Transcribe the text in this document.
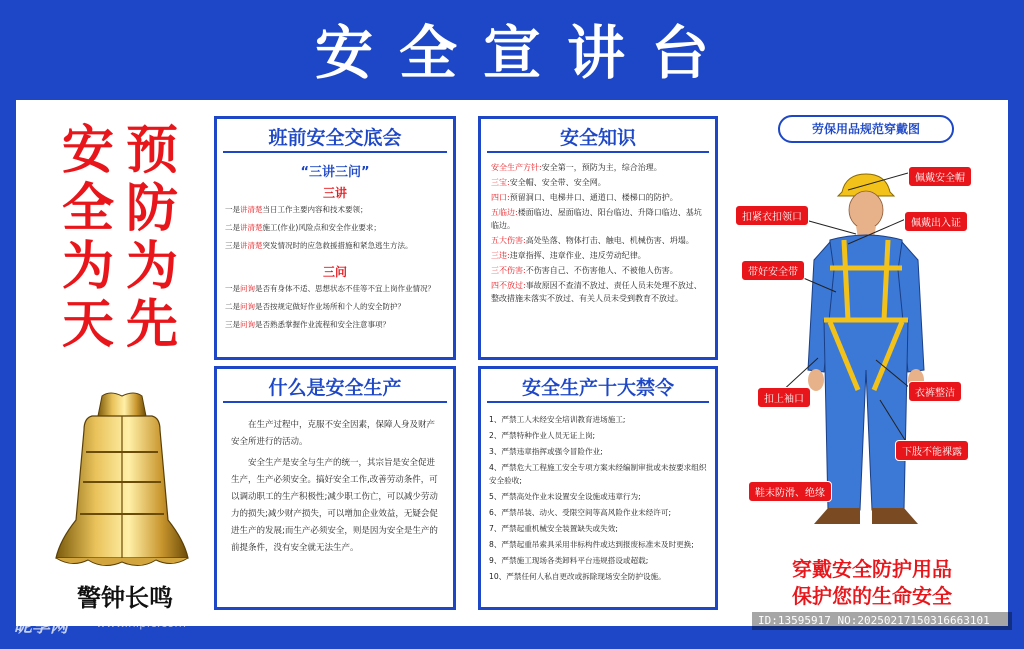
安全宣讲台
安
全
为
天
预
防
为
先
警钟长鸣
班前安全交底会
“三讲三问”
三讲
一是讲清楚当日工作主要内容和技术要领；
二是讲清楚施工(作业)风险点和安全作业要求；
三是讲清楚突发情况时的应急救援措施和紧急逃生方法。
三问
一是问询是否有身体不适、思想状态不佳等不宜上岗作业情况？
二是问询是否按规定做好作业场所和个人的安全防护？
三是问询是否熟悉掌握作业流程和安全注意事项？
安全知识
安全生产方针:安全第一，预防为主，综合治理。
三宝:安全帽、安全带、安全网。
四口:预留洞口、电梯井口、通道口、楼梯口的防护。
五临边:楼面临边、屋面临边、阳台临边、升降口临边、基坑临边。
五大伤害:高处坠落、物体打击、触电、机械伤害、坍塌。
三违:违章指挥、违章作业、违反劳动纪律。
三不伤害:不伤害自己、不伤害他人、不被他人伤害。
四不放过:事故原因不查清不放过、责任人员未处理不放过、整改措施未落实不放过、有关人员未受到教育不放过。
什么是安全生产

在生产过程中，克服不安全因素，保障人身及财产安全所进行的活动。

安全生产是安全与生产的统一，其宗旨是安全促进生产，生产必须安全。搞好安全工作,改善劳动条件，可以调动职工的生产积极性;减少职工伤亡，可以减少劳动力的损失;减少财产损失，可以增加企业效益，无疑会促进生产的发展;而生产必须安全，则是因为安全是生产的前提条件，没有安全就无法生产。

安全生产十大禁令
1、严禁工人未经安全培训教育进场施工;
2、严禁特种作业人员无证上岗;
3、严禁违章指挥或强令冒险作业;
4、严禁危大工程施工安全专项方案未经编制审批或未按要求组织安全验收;
5、严禁高处作业未设置安全设施或违章行为;
6、严禁吊装、动火、受限空间等高风险作业未经许可;
7、严禁起重机械安全装置缺失或失效;
8、严禁起重吊索具采用非标构件或达到报废标准未及时更换;
9、严禁施工现场各类卸料平台违规搭设或超载;
10、严禁任何人私自更改或拆除现场安全防护设施。
劳保用品规范穿戴图
佩戴安全帽
扣紧衣扣领口
佩戴出入证
带好安全带
扣上袖口
衣裤整洁
下肢不能裸露
鞋末防滑、绝缘
穿戴安全防护用品
保护您的生命安全
昵享网 www.nipic.com	ID:13595917 NO:20250217150316663101
